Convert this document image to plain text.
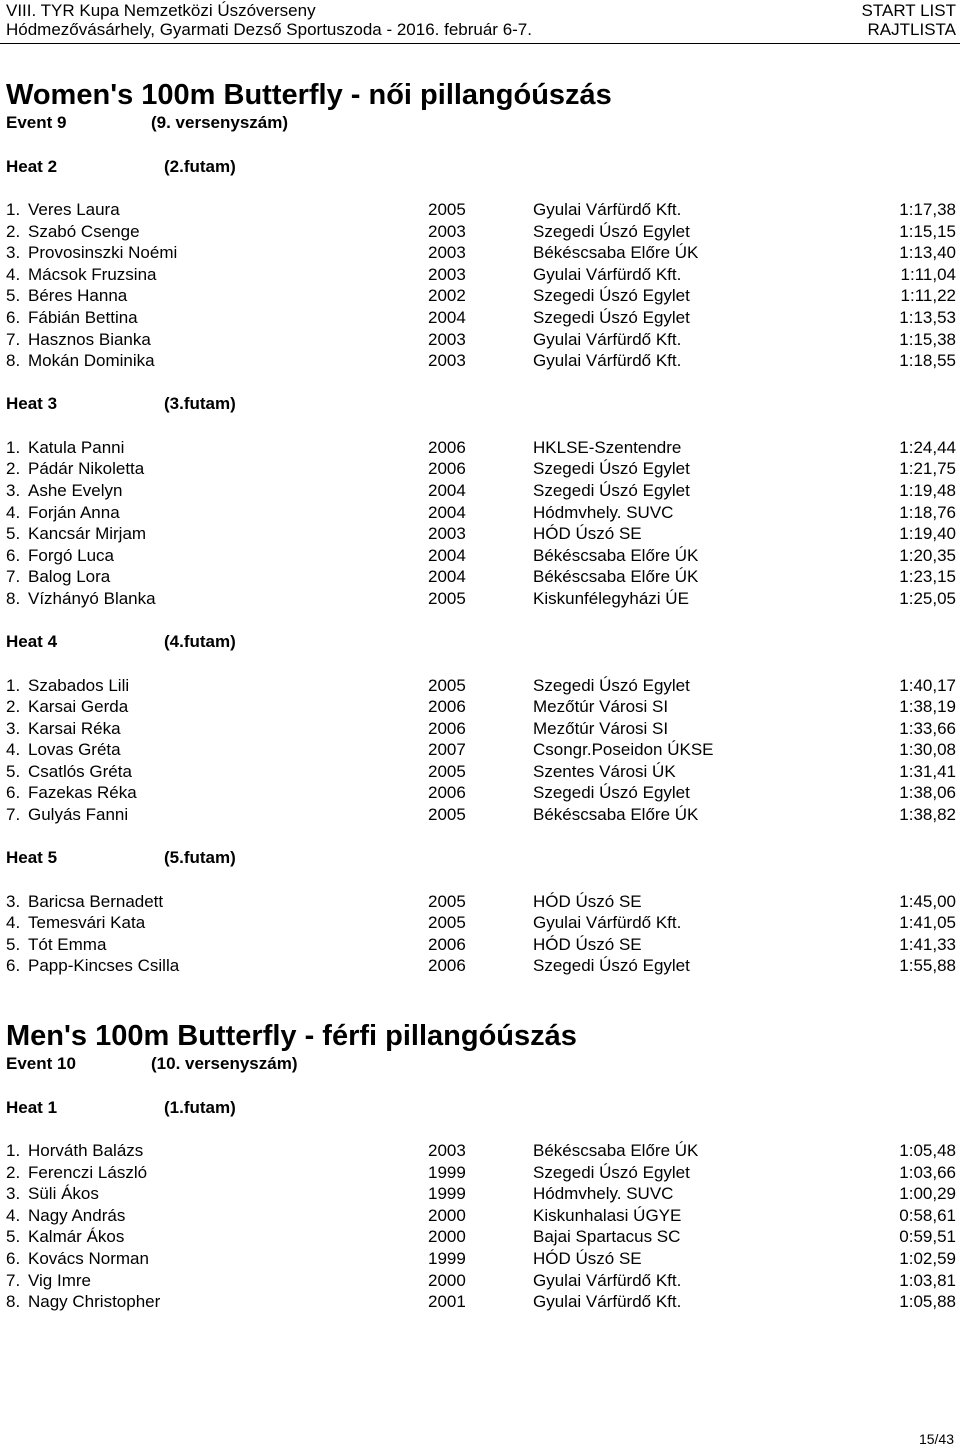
VIII. TYR Kupa Nemzetközi Úszóverseny
Hódmezővásárhely, Gyarmati Dezső Sportuszoda - 2016. február 6-7.
START LIST
RAJTLISTA
Women's 100m Butterfly - női pillangóúszás
Event 9	(9. versenyszám)
Heat 2	(2.futam)
1. Veres Laura	2005	Gyulai Várfürdő Kft.	1:17,38
2. Szabó Csenge	2003	Szegedi Úszó Egylet	1:15,15
3. Provosinszki Noémi	2003	Békéscsaba Előre ÚK	1:13,40
4. Mácsok Fruzsina	2003	Gyulai Várfürdő Kft.	1:11,04
5. Béres Hanna	2002	Szegedi Úszó Egylet	1:11,22
6. Fábián Bettina	2004	Szegedi Úszó Egylet	1:13,53
7. Hasznos Bianka	2003	Gyulai Várfürdő Kft.	1:15,38
8. Mokán Dominika	2003	Gyulai Várfürdő Kft.	1:18,55
Heat 3	(3.futam)
1. Katula Panni	2006	HKLSE-Szentendre	1:24,44
2. Pádár Nikoletta	2006	Szegedi Úszó Egylet	1:21,75
3. Ashe Evelyn	2004	Szegedi Úszó Egylet	1:19,48
4. Forján Anna	2004	Hódmvhely. SUVC	1:18,76
5. Kancsár Mirjam	2003	HÓD Úszó SE	1:19,40
6. Forgó Luca	2004	Békéscsaba Előre ÚK	1:20,35
7. Balog Lora	2004	Békéscsaba Előre ÚK	1:23,15
8. Vízhányó Blanka	2005	Kiskunfélegyházi ÚE	1:25,05
Heat 4	(4.futam)
1. Szabados Lili	2005	Szegedi Úszó Egylet	1:40,17
2. Karsai Gerda	2006	Mezőtúr Városi SI	1:38,19
3. Karsai Réka	2006	Mezőtúr Városi SI	1:33,66
4. Lovas Gréta	2007	Csongr.Poseidon ÚKSE	1:30,08
5. Csatlós Gréta	2005	Szentes Városi ÚK	1:31,41
6. Fazekas Réka	2006	Szegedi Úszó Egylet	1:38,06
7. Gulyás Fanni	2005	Békéscsaba Előre ÚK	1:38,82
Heat 5	(5.futam)
3. Baricsa Bernadett	2005	HÓD Úszó SE	1:45,00
4. Temesvári Kata	2005	Gyulai Várfürdő Kft.	1:41,05
5. Tót Emma	2006	HÓD Úszó SE	1:41,33
6. Papp-Kincses Csilla	2006	Szegedi Úszó Egylet	1:55,88
Men's 100m Butterfly - férfi pillangóúszás
Event 10	(10. versenyszám)
Heat 1	(1.futam)
1. Horváth Balázs	2003	Békéscsaba Előre ÚK	1:05,48
2. Ferenczi László	1999	Szegedi Úszó Egylet	1:03,66
3. Süli Ákos	1999	Hódmvhely. SUVC	1:00,29
4. Nagy András	2000	Kiskunhalasi ÚGYE	0:58,61
5. Kalmár Ákos	2000	Bajai Spartacus SC	0:59,51
6. Kovács Norman	1999	HÓD Úszó SE	1:02,59
7. Vig Imre	2000	Gyulai Várfürdő Kft.	1:03,81
8. Nagy Christopher	2001	Gyulai Várfürdő Kft.	1:05,88
15/43
